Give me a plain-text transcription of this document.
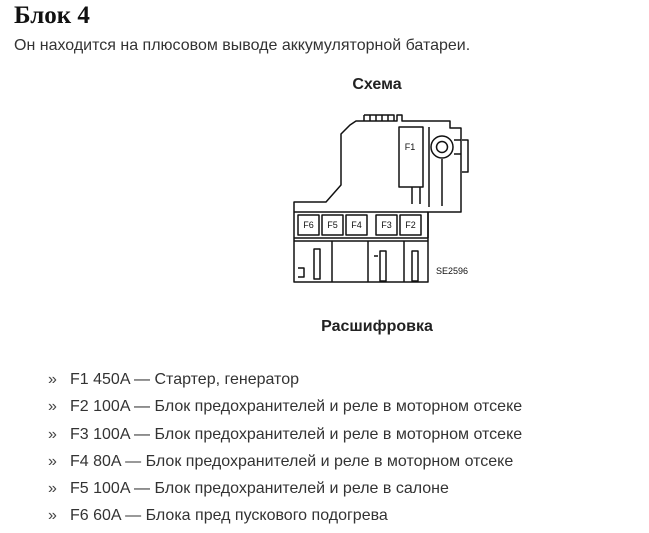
Блок 4

Он находится на плюсовом выводе аккумуляторной батареи.

Схема
F1
F6 F5 F4 F3 F2
SE2596
Расшифровка
» F1 450A — Стартер, генератор
» F2 100A — Блок предохранителей и реле в моторном отсеке
» F3 100A — Блок предохранителей и реле в моторном отсеке
» F4 80A — Блок предохранителей и реле в моторном отсеке
» F5 100A — Блок предохранителей и реле в салоне
» F6 60A — Блока пред пускового подогрева
